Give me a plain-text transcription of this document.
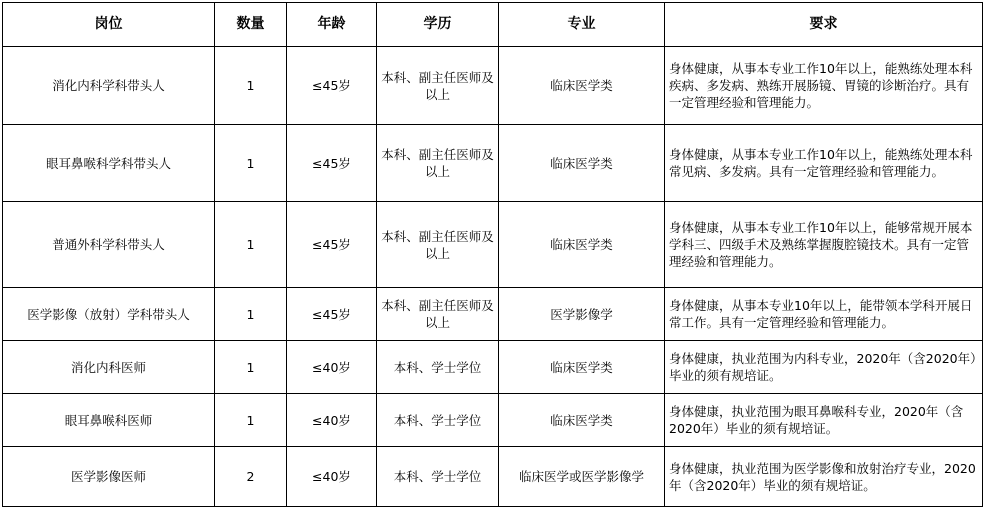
岗位	数量	年龄	学历	专业	要求
消化内科学科带头人	1	≤45岁	本科、副主任医师及以上	临床医学类	身体健康，从事本专业工作10年以上，能熟练处理本科疾病、多发病、熟练开展肠镜、胃镜的诊断治疗。具有一定管理经验和管理能力。
眼耳鼻喉科学科带头人	1	≤45岁	本科、副主任医师及以上	临床医学类	身体健康，从事本专业工作10年以上，能熟练处理本科常见病、多发病。具有一定管理经验和管理能力。
普通外科学科带头人	1	≤45岁	本科、副主任医师及以上	临床医学类	身体健康，从事本专业工作10年以上，能够常规开展本学科三、四级手术及熟练掌握腹腔镜技术。具有一定管理经验和管理能力。
医学影像（放射）学科带头人	1	≤45岁	本科、副主任医师及以上	医学影像学	身体健康，从事本专业10年以上，能带领本学科开展日常工作。具有一定管理经验和管理能力。
消化内科医师	1	≤40岁	本科、学士学位	临床医学类	身体健康，执业范围为内科专业，2020年（含2020年）毕业的须有规培证。
眼耳鼻喉科医师	1	≤40岁	本科、学士学位	临床医学类	身体健康，执业范围为眼耳鼻喉科专业，2020年（含2020年）毕业的须有规培证。
医学影像医师	2	≤40岁	本科、学士学位	临床医学或医学影像学	身体健康，执业范围为医学影像和放射治疗专业，2020年（含2020年）毕业的须有规培证。
